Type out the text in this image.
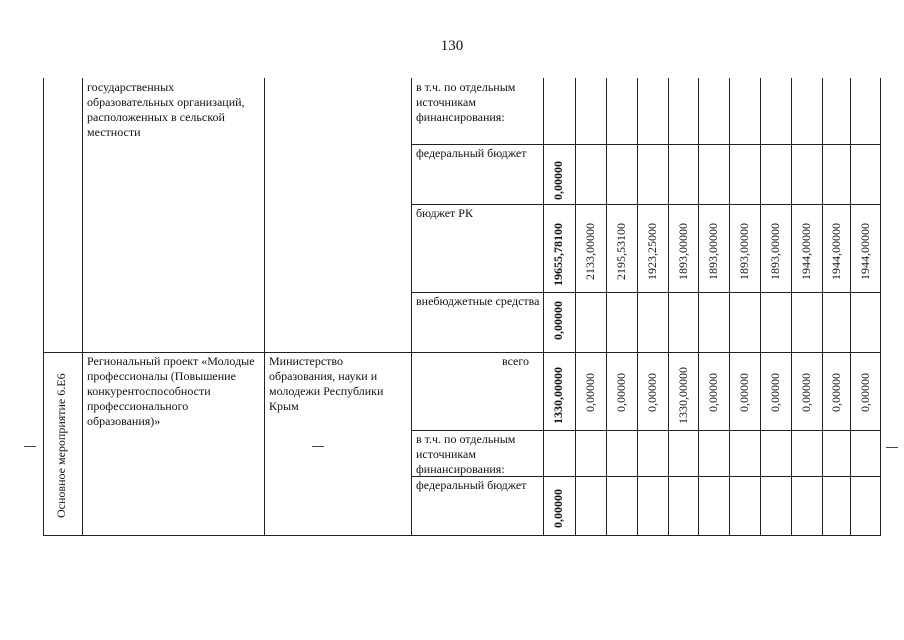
130
государственных образовательных организаций, расположенных в сельской местности
в т.ч. по отдельным источникам финансирования:
федеральный бюджет
бюджет РК
внебюджетные средства
0,00000
19655,78100
0,00000
2133,00000 2195,53100 1923,25000 1893,00000 1893,00000 1893,00000 1893,00000 1944,00000 1944,00000 1944,00000
Основное мероприятие 6.Е6
Региональный проект «Молодые профессионалы (Повышение конкурентоспособности профессионального образования)»
Министерство образования, науки и молодежи Республики Крым
всего
в т.ч. по отдельным источникам финансирования:
федеральный бюджет
1330,00000
0,00000
0,00000 0,00000 0,00000 1330,00000 0,00000 0,00000 0,00000 0,00000 0,00000 0,00000
